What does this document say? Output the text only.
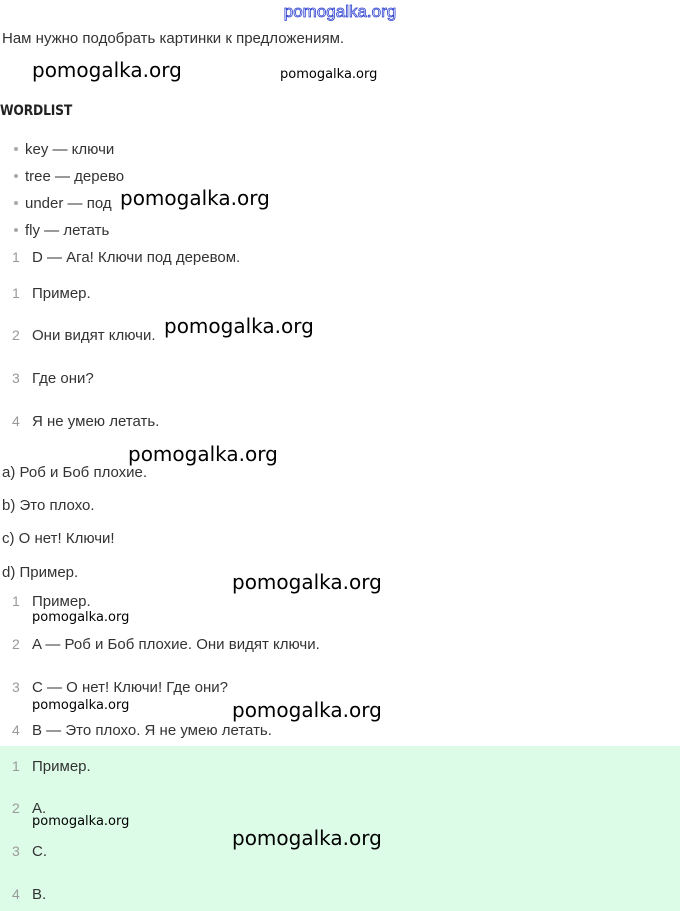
pomogalka.org
Нам нужно подобрать картинки к предложениям.
pomogalka.org	pomogalka.org
pomogalka.org
pomogalka.org
pomogalka.org
pomogalka.org
pomogalka.org
pomogalka.org	pomogalka.org
WORDLIST
key — ключи
tree — дерево
under — под
fly — летать
1 D — Ага! Ключи под деревом.
1 Пример.
2 Они видят ключи.
3 Где они?
4 Я не умею летать.
a) Роб и Боб плохие.
b) Это плохо.
c) О нет! Ключи!
d) Пример.
1 Пример.
2 A — Роб и Боб плохие. Они видят ключи.
3 C — О нет! Ключи! Где они?
4 B — Это плохо. Я не умею летать.
1 Пример.
2 A.
3 C.
4 B.
pomogalka.org
pomogalka.org
